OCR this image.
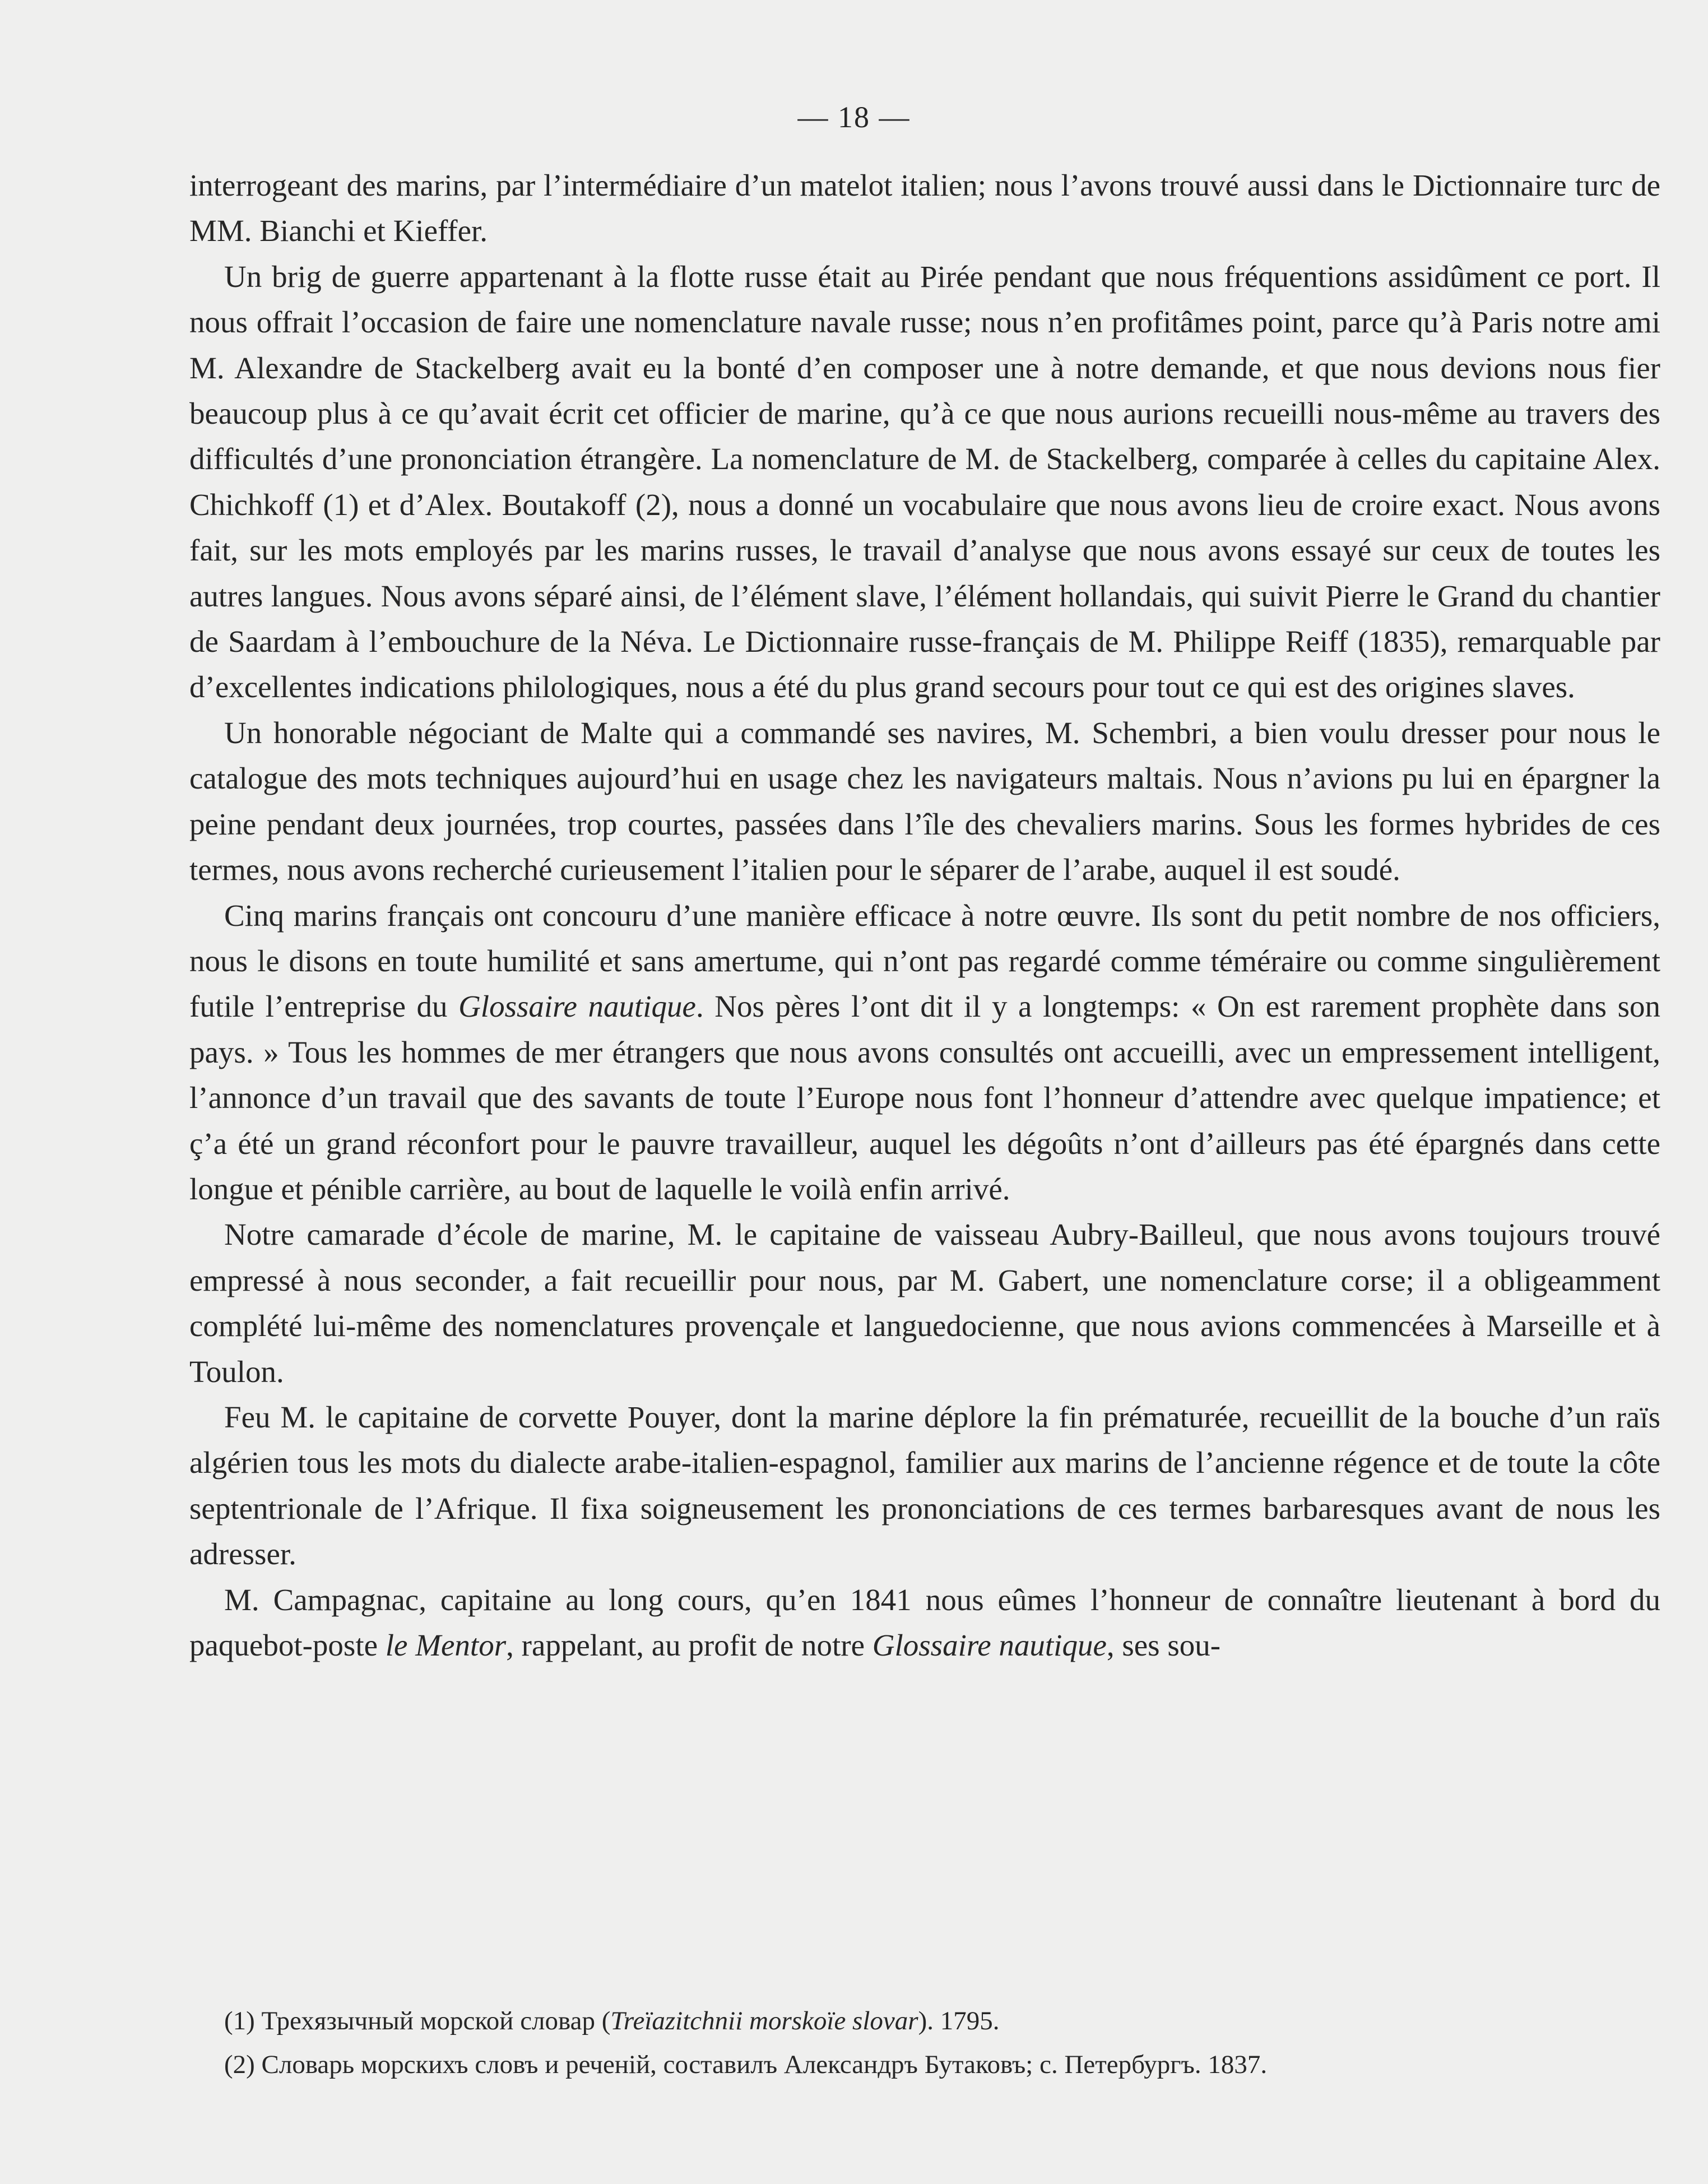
— 18 —

interrogeant des marins, par l’intermédiaire d’un matelot italien; nous l’avons trouvé aussi dans le Dictionnaire turc de MM. Bianchi et Kieffer.

Un brig de guerre appartenant à la flotte russe était au Pirée pendant que nous fréquentions assidûment ce port. Il nous offrait l’occasion de faire une nomenclature navale russe; nous n’en profitâmes point, parce qu’à Paris notre ami M. Alexandre de Stackelberg avait eu la bonté d’en composer une à notre demande, et que nous devions nous fier beaucoup plus à ce qu’avait écrit cet officier de marine, qu’à ce que nous aurions recueilli nous-même au travers des difficultés d’une prononciation étrangère. La nomenclature de M. de Stackelberg, comparée à celles du capitaine Alex. Chichkoff (1) et d’Alex. Boutakoff (2), nous a donné un vocabulaire que nous avons lieu de croire exact. Nous avons fait, sur les mots employés par les marins russes, le travail d’analyse que nous avons essayé sur ceux de toutes les autres langues. Nous avons séparé ainsi, de l’élément slave, l’élément hollandais, qui suivit Pierre le Grand du chantier de Saardam à l’embouchure de la Néva. Le Dictionnaire russe-français de M. Philippe Reiff (1835), remarquable par d’excellentes indications philologiques, nous a été du plus grand secours pour tout ce qui est des origines slaves.

Un honorable négociant de Malte qui a commandé ses navires, M. Schembri, a bien voulu dresser pour nous le catalogue des mots techniques aujourd’hui en usage chez les navigateurs maltais. Nous n’avions pu lui en épargner la peine pendant deux journées, trop courtes, passées dans l’île des chevaliers marins. Sous les formes hybrides de ces termes, nous avons recherché curieusement l’italien pour le séparer de l’arabe, auquel il est soudé.

Cinq marins français ont concouru d’une manière efficace à notre œuvre. Ils sont du petit nombre de nos officiers, nous le disons en toute humilité et sans amertume, qui n’ont pas regardé comme téméraire ou comme singulièrement futile l’entreprise du Glossaire nautique. Nos pères l’ont dit il y a longtemps: « On est rarement prophète dans son pays. » Tous les hommes de mer étrangers que nous avons consultés ont accueilli, avec un empressement intelligent, l’annonce d’un travail que des savants de toute l’Europe nous font l’honneur d’attendre avec quelque impatience; et ç’a été un grand réconfort pour le pauvre travailleur, auquel les dégoûts n’ont d’ailleurs pas été épargnés dans cette longue et pénible carrière, au bout de laquelle le voilà enfin arrivé.

Notre camarade d’école de marine, M. le capitaine de vaisseau Aubry-Bailleul, que nous avons toujours trouvé empressé à nous seconder, a fait recueillir pour nous, par M. Gabert, une nomenclature corse; il a obligeamment complété lui-même des nomenclatures provençale et languedocienne, que nous avions commencées à Marseille et à Toulon.

Feu M. le capitaine de corvette Pouyer, dont la marine déplore la fin prématurée, recueillit de la bouche d’un raïs algérien tous les mots du dialecte arabe-italien-espagnol, familier aux marins de l’ancienne régence et de toute la côte septentrionale de l’Afrique. Il fixa soigneusement les prononciations de ces termes barbaresques avant de nous les adresser.

M. Campagnac, capitaine au long cours, qu’en 1841 nous eûmes l’honneur de connaître lieutenant à bord du paquebot-poste le Mentor, rappelant, au profit de notre Glossaire nautique, ses sou-

(1) Трехязычный морской словар (Treïazitchnii morskoïe slovar). 1795.

(2) Словарь морскихъ словъ и реченій, составилъ Александръ Бутаковъ; с. Петербургъ. 1837.
